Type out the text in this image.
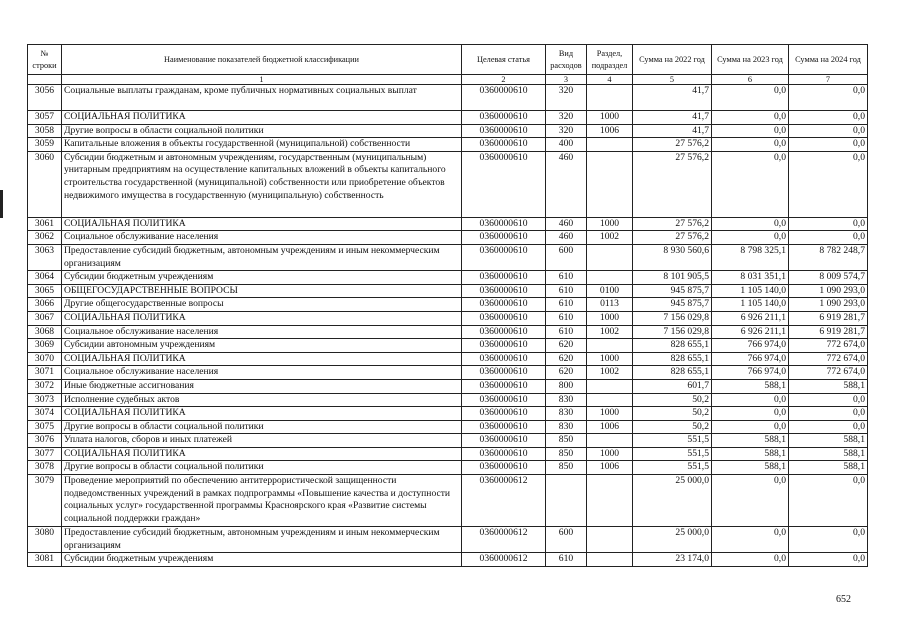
№ строки	Наименование показателей бюджетной классификации	Целевая статья	Вид расходов	Раздел, подраздел	Сумма на 2022 год	Сумма на 2023 год	Сумма на 2024 год
	1	2	3	4	5	6	7
3056	Социальные выплаты гражданам, кроме публичных нормативных социальных выплат	0360000610	320		41,7	0,0	0,0
3057	СОЦИАЛЬНАЯ ПОЛИТИКА	0360000610	320	1000	41,7	0,0	0,0
3058	Другие вопросы в области социальной политики	0360000610	320	1006	41,7	0,0	0,0
3059	Капитальные вложения в объекты государственной (муниципальной) собственности	0360000610	400		27 576,2	0,0	0,0
3060	Субсидии бюджетным и автономным учреждениям, государственным (муниципальным) унитарным предприятиям на осуществление капитальных вложений в объекты капитального строительства государственной (муниципальной) собственности или приобретение объектов недвижимого имущества в государственную (муниципальную) собственность	0360000610	460		27 576,2	0,0	0,0
3061	СОЦИАЛЬНАЯ ПОЛИТИКА	0360000610	460	1000	27 576,2	0,0	0,0
3062	Социальное обслуживание населения	0360000610	460	1002	27 576,2	0,0	0,0
3063	Предоставление субсидий бюджетным, автономным учреждениям и иным некоммерческим организациям	0360000610	600		8 930 560,6	8 798 325,1	8 782 248,7
3064	Субсидии бюджетным учреждениям	0360000610	610		8 101 905,5	8 031 351,1	8 009 574,7
3065	ОБЩЕГОСУДАРСТВЕННЫЕ ВОПРОСЫ	0360000610	610	0100	945 875,7	1 105 140,0	1 090 293,0
3066	Другие общегосударственные вопросы	0360000610	610	0113	945 875,7	1 105 140,0	1 090 293,0
3067	СОЦИАЛЬНАЯ ПОЛИТИКА	0360000610	610	1000	7 156 029,8	6 926 211,1	6 919 281,7
3068	Социальное обслуживание населения	0360000610	610	1002	7 156 029,8	6 926 211,1	6 919 281,7
3069	Субсидии автономным учреждениям	0360000610	620		828 655,1	766 974,0	772 674,0
3070	СОЦИАЛЬНАЯ ПОЛИТИКА	0360000610	620	1000	828 655,1	766 974,0	772 674,0
3071	Социальное обслуживание населения	0360000610	620	1002	828 655,1	766 974,0	772 674,0
3072	Иные бюджетные ассигнования	0360000610	800		601,7	588,1	588,1
3073	Исполнение судебных актов	0360000610	830		50,2	0,0	0,0
3074	СОЦИАЛЬНАЯ ПОЛИТИКА	0360000610	830	1000	50,2	0,0	0,0
3075	Другие вопросы в области социальной политики	0360000610	830	1006	50,2	0,0	0,0
3076	Уплата налогов, сборов и иных платежей	0360000610	850		551,5	588,1	588,1
3077	СОЦИАЛЬНАЯ ПОЛИТИКА	0360000610	850	1000	551,5	588,1	588,1
3078	Другие вопросы в области социальной политики	0360000610	850	1006	551,5	588,1	588,1
3079	Проведение мероприятий по обеспечению антитеррористической защищенности подведомственных учреждений в рамках подпрограммы «Повышение качества и доступности социальных услуг» государственной программы Красноярского края «Развитие системы социальной поддержки граждан»	0360000612			25 000,0	0,0	0,0
3080	Предоставление субсидий бюджетным, автономным учреждениям и иным некоммерческим организациям	0360000612	600		25 000,0	0,0	0,0
3081	Субсидии бюджетным учреждениям	0360000612	610		23 174,0	0,0	0,0
652
